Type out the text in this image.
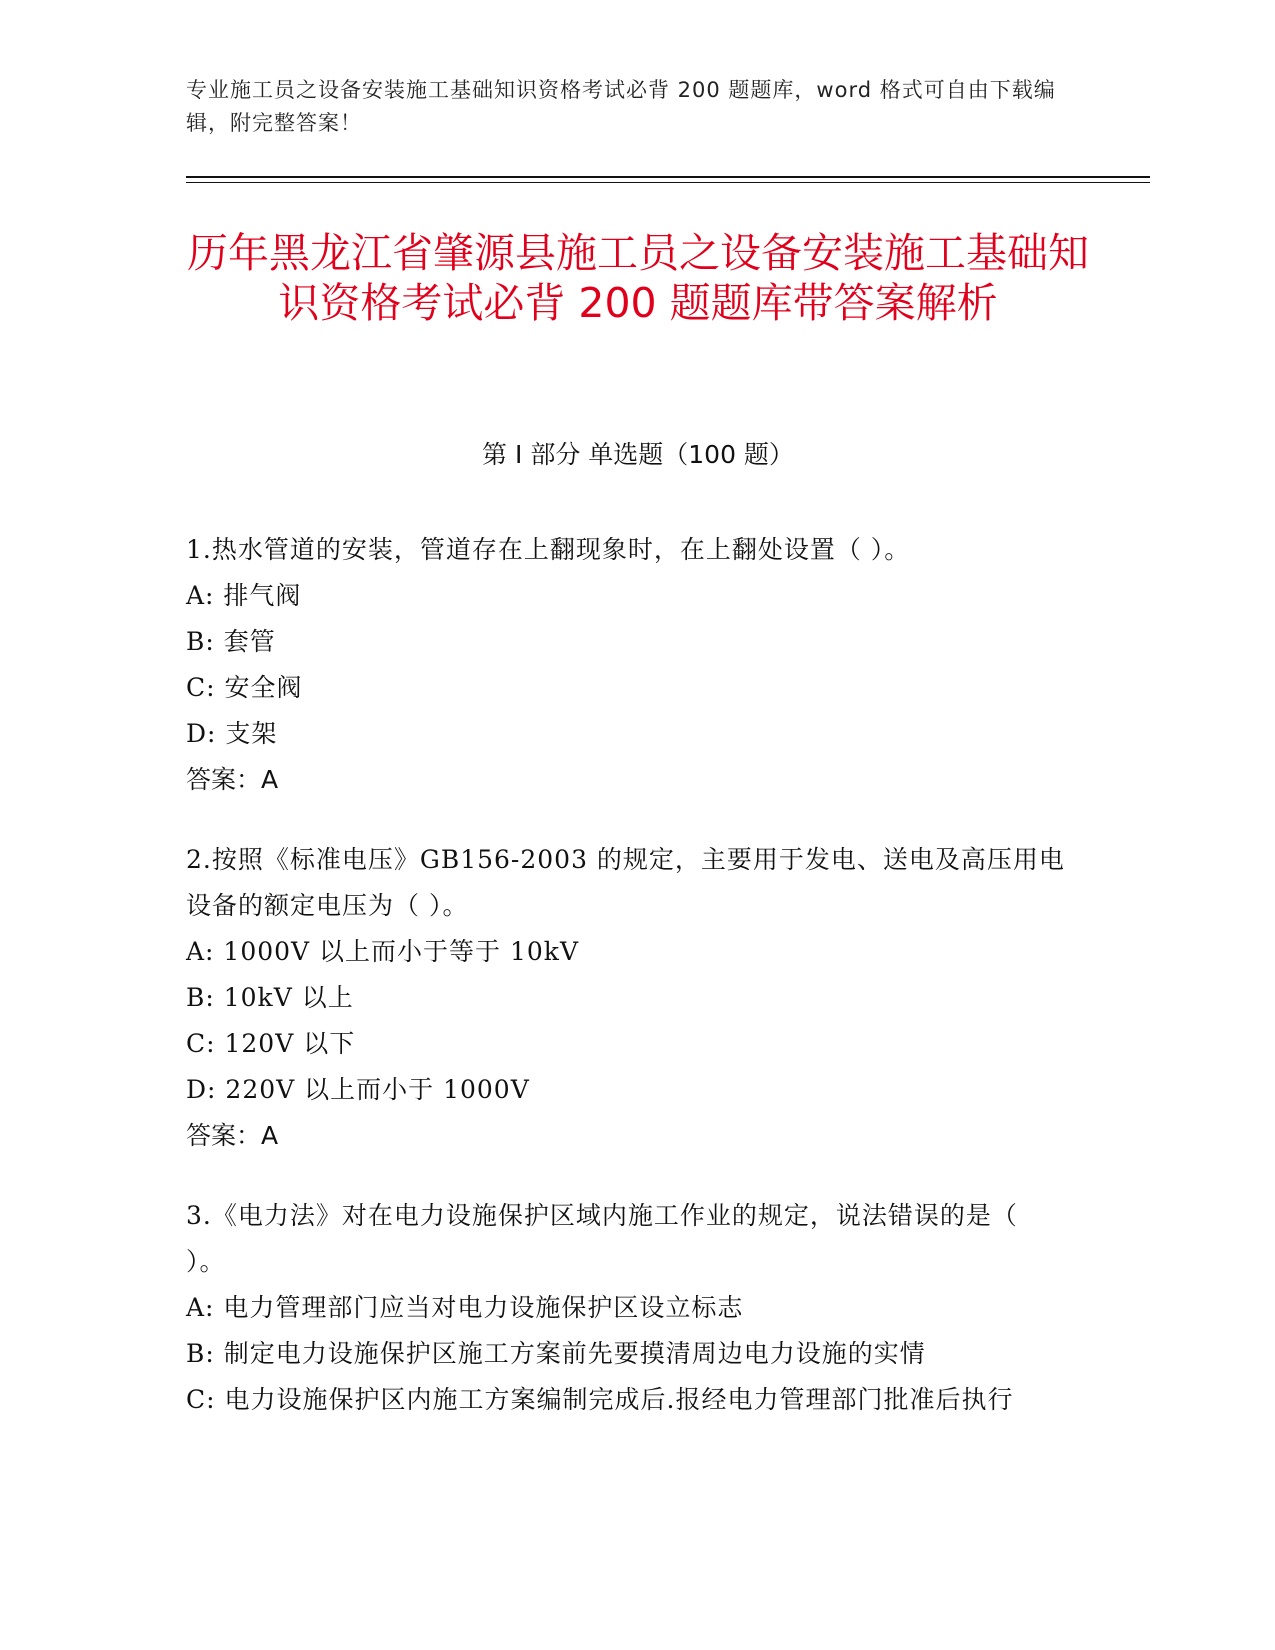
专业施工员之设备安装施工基础知识资格考试必背 200 题题库，word 格式可自由下载编辑，附完整答案！
历年黑龙江省肇源县施工员之设备安装施工基础知识资格考试必背 200 题题库带答案解析
第 I 部分 单选题（100 题）
1.热水管道的安装，管道存在上翻现象时，在上翻处设置（ ）。
A: 排气阀
B: 套管
C: 安全阀
D: 支架
答案：A
2.按照《标准电压》GB156-2003 的规定，主要用于发电、送电及高压用电设备的额定电压为（ ）。
A: 1000V 以上而小于等于 10kV
B: 10kV 以上
C: 120V 以下
D: 220V 以上而小于 1000V
答案：A
3.《电力法》对在电力设施保护区域内施工作业的规定，说法错误的是（ ）。
A: 电力管理部门应当对电力设施保护区设立标志
B: 制定电力设施保护区施工方案前先要摸清周边电力设施的实情
C: 电力设施保护区内施工方案编制完成后.报经电力管理部门批准后执行
